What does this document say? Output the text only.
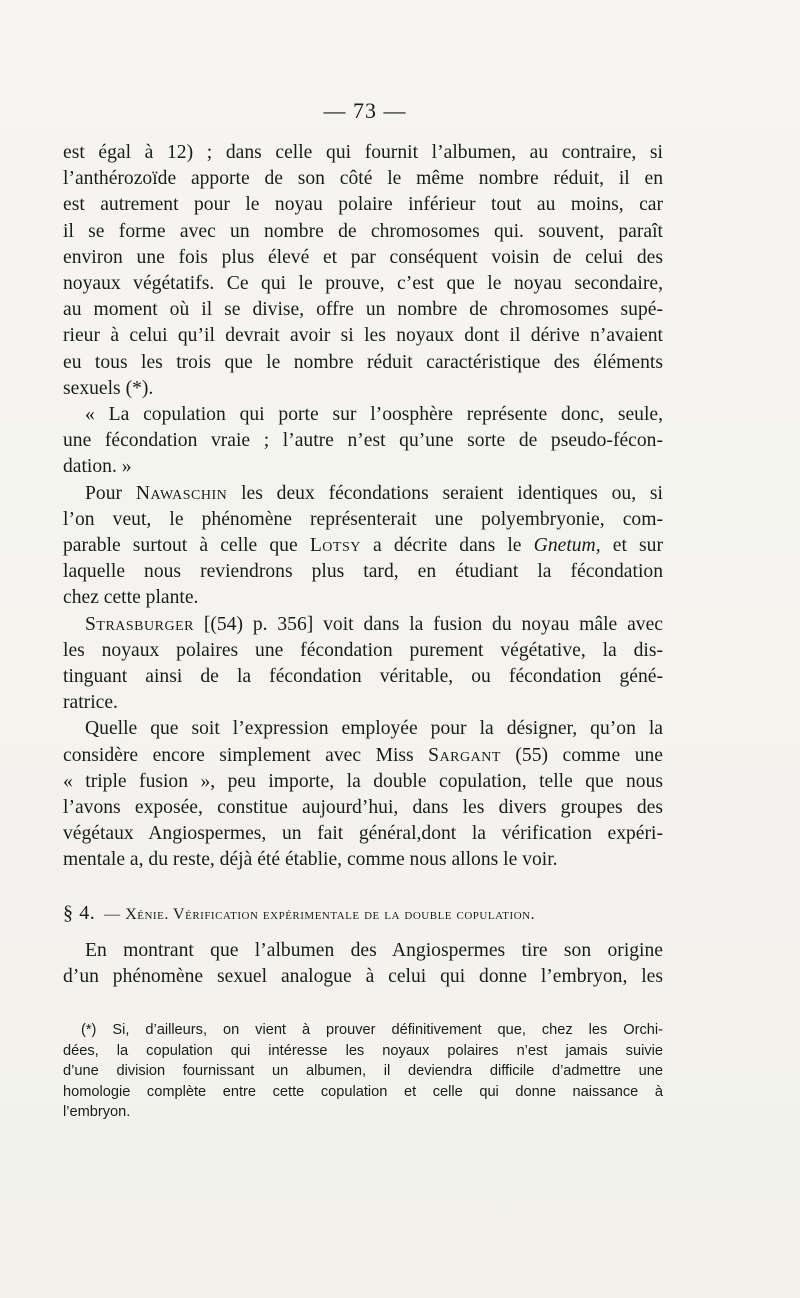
— 73 —
est égal à 12) ; dans celle qui fournit l’albumen, au contraire, si
l’anthérozoïde apporte de son côté le même nombre réduit, il en
est autrement pour le noyau polaire inférieur tout au moins, car
il se forme avec un nombre de chromosomes qui. souvent, paraît
environ une fois plus élevé et par conséquent voisin de celui des
noyaux végétatifs. Ce qui le prouve, c’est que le noyau secondaire,
au moment où il se divise, offre un nombre de chromosomes supé-
rieur à celui qu’il devrait avoir si les noyaux dont il dérive n’avaient
eu tous les trois que le nombre réduit caractéristique des éléments
sexuels (*).
« La copulation qui porte sur l’oosphère représente donc, seule,
une fécondation vraie ; l’autre n’est qu’une sorte de pseudo-fécon-
dation. »
Pour Nawaschin les deux fécondations seraient identiques ou, si
l’on veut, le phénomène représenterait une polyembryonie, com-
parable surtout à celle que Lotsy a décrite dans le Gnetum, et sur
laquelle nous reviendrons plus tard, en étudiant la fécondation
chez cette plante.
Strasburger [(54) p. 356] voit dans la fusion du noyau mâle avec
les noyaux polaires une fécondation purement végétative, la dis-
tinguant ainsi de la fécondation véritable, ou fécondation géné-
ratrice.
Quelle que soit l’expression employée pour la désigner, qu’on la
considère encore simplement avec Miss Sargant (55) comme une
« triple fusion », peu importe, la double copulation, telle que nous
l’avons exposée, constitue aujourd’hui, dans les divers groupes des
végétaux Angiospermes, un fait général,dont la vérification expéri-
mentale a, du reste, déjà été établie, comme nous allons le voir.
§ 4. — Xénie. Vérification expérimentale de la double copulation.
En montrant que l’albumen des Angiospermes tire son origine
d’un phénomène sexuel analogue à celui qui donne l’embryon, les
(*) Si, d’ailleurs, on vient à prouver définitivement que, chez les Orchi-
dées, la copulation qui intéresse les noyaux polaires n’est jamais suivie
d’une division fournissant un albumen, il deviendra difficile d’admettre une
homologie complète entre cette copulation et celle qui donne naissance à
l’embryon.
